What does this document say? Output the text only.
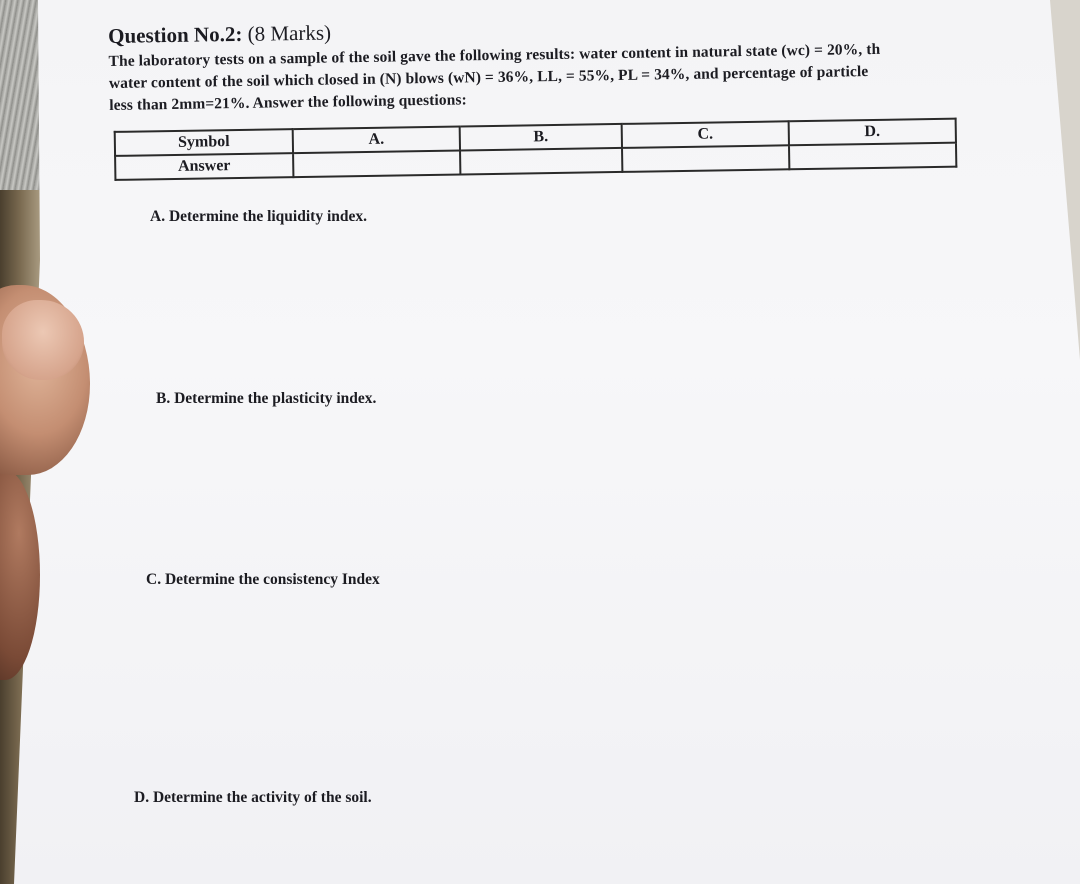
Question No.2: (8 Marks)

The laboratory tests on a sample of the soil gave the following results: water content in natural state (wc) = 20%, th
water content of the soil which closed in (N) blows (wN) = 36%, LL, = 55%, PL = 34%, and percentage of particle
less than 2mm=21%. Answer the following questions:

Symbol	A.	B.	C.	D.
Answer				
A. Determine the liquidity index.
B. Determine the plasticity index.
C. Determine the consistency Index
D. Determine the activity of the soil.
